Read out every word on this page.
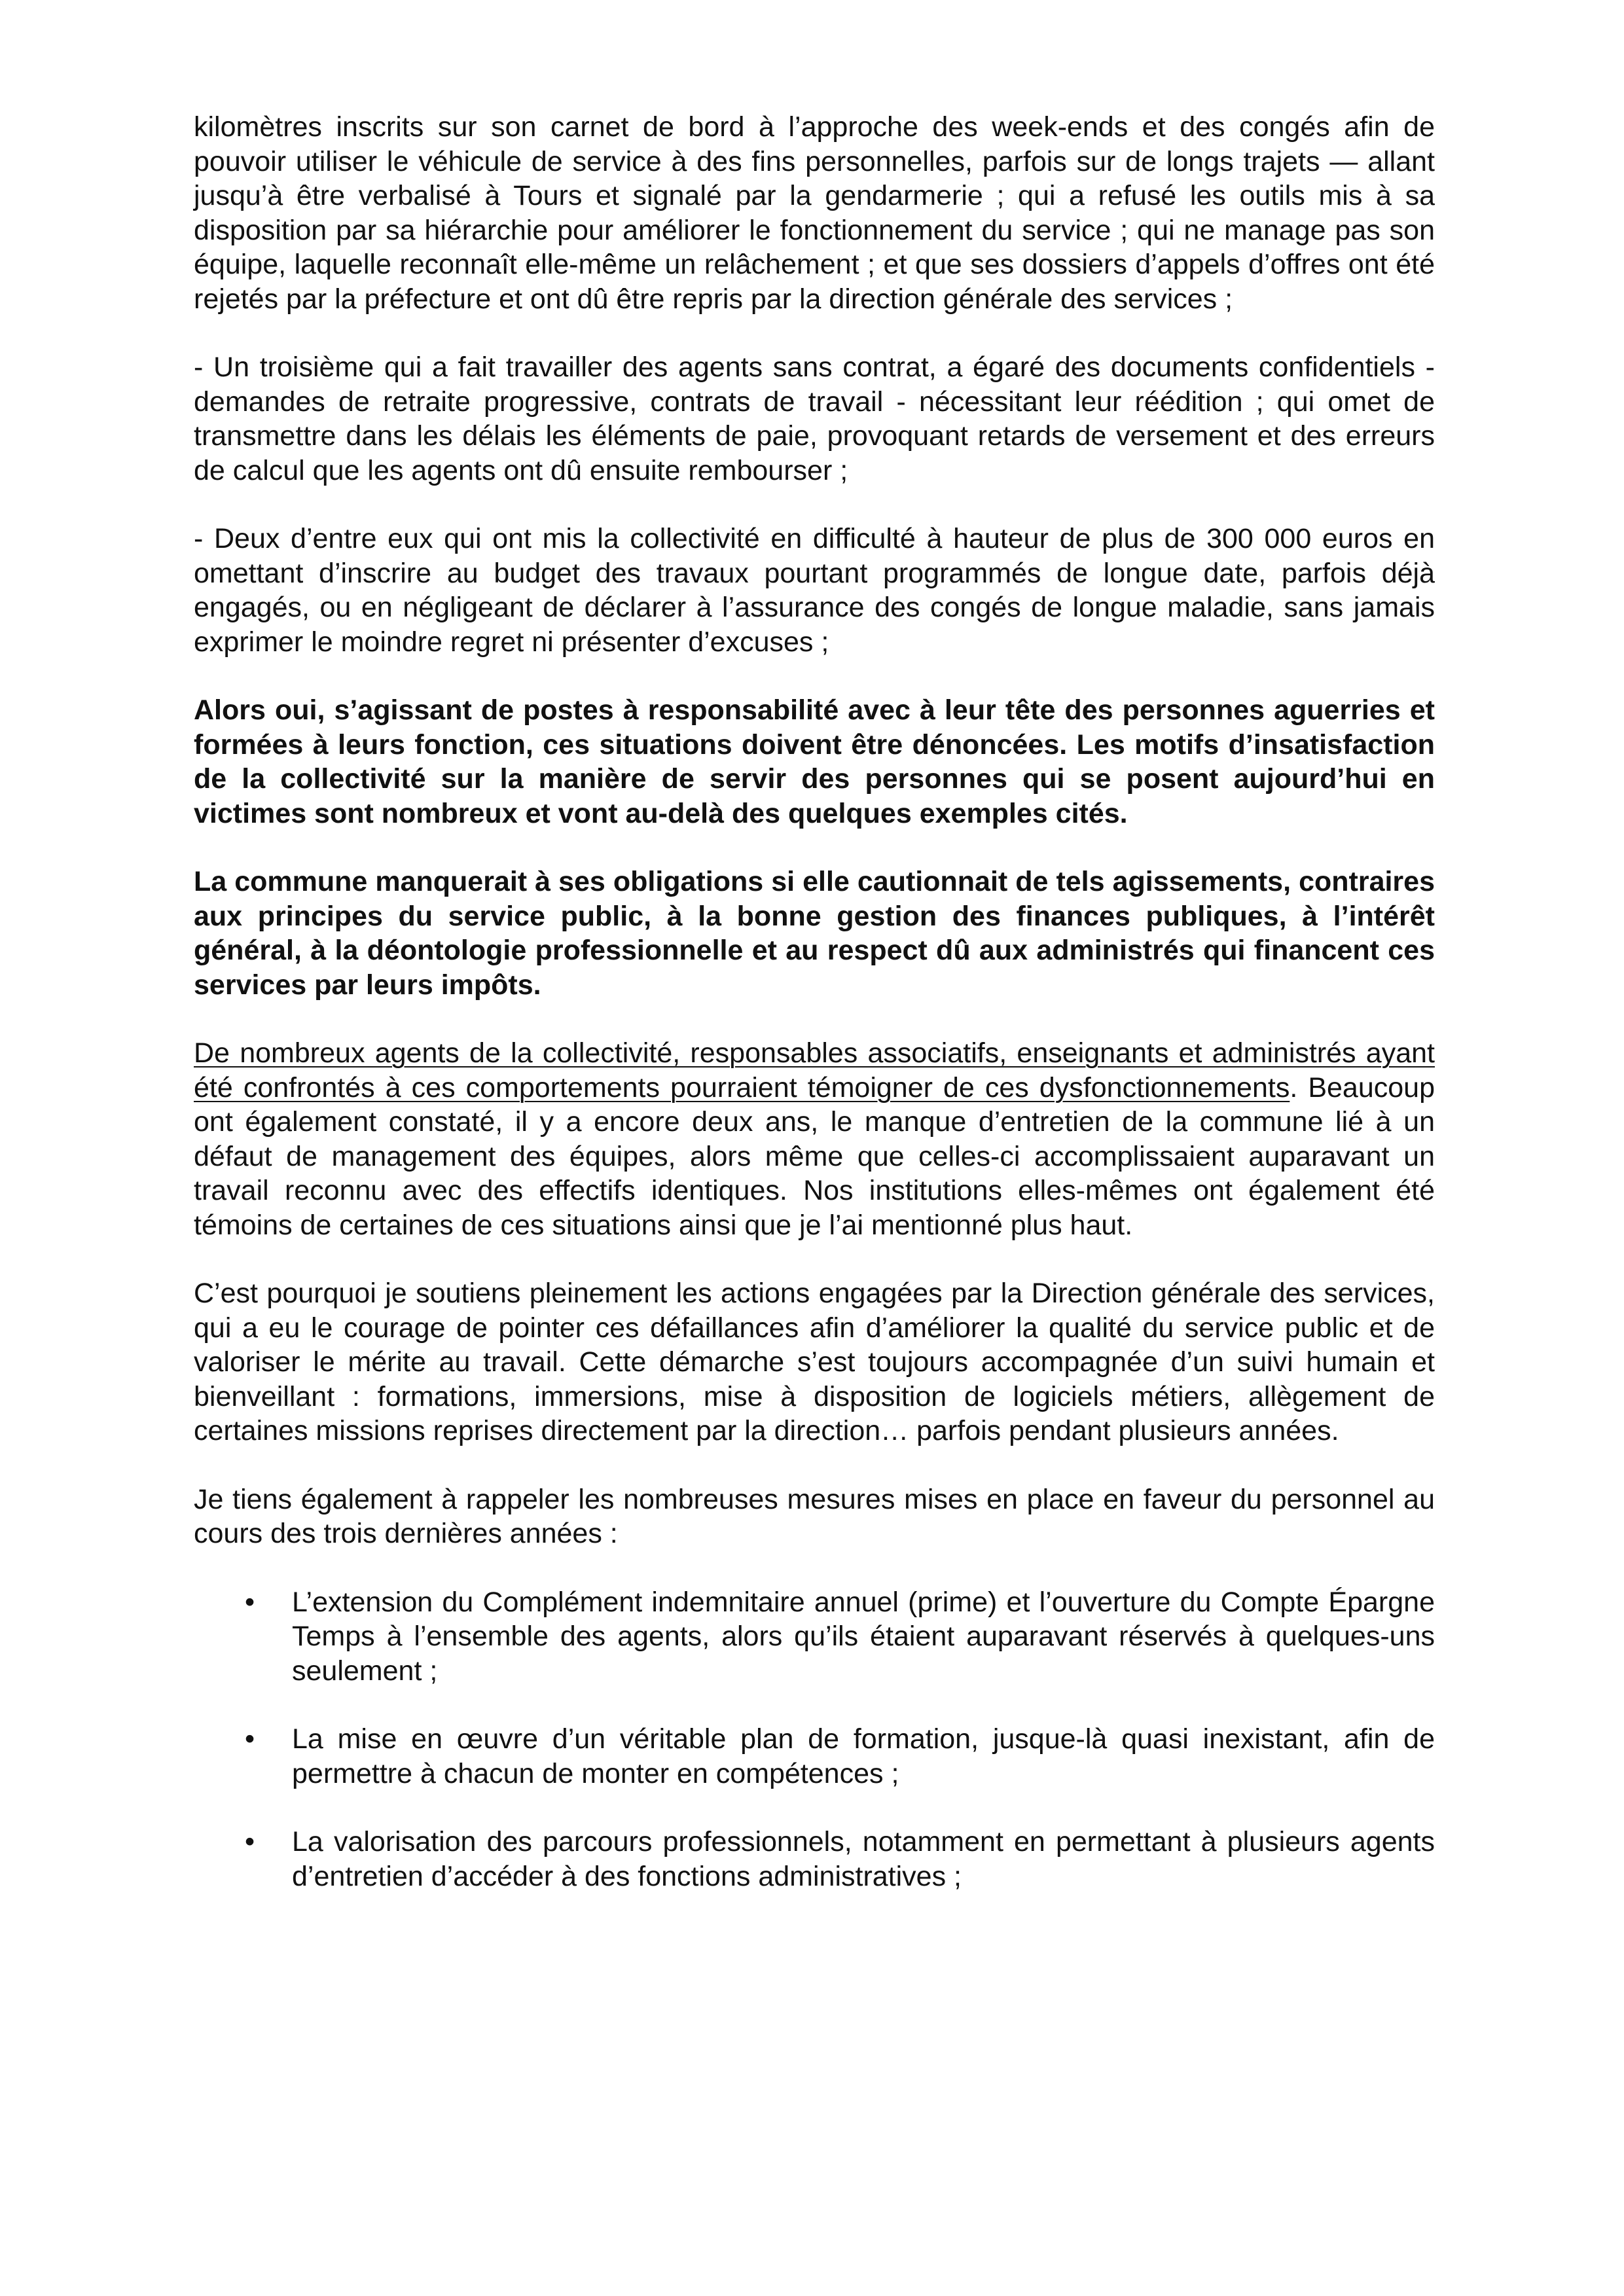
kilomètres inscrits sur son carnet de bord à l’approche des week-ends et des congés afin de pouvoir utiliser le véhicule de service à des fins personnelles, parfois sur de longs trajets — allant jusqu’à être verbalisé à Tours et signalé par la gendarmerie ; qui a refusé les outils mis à sa disposition par sa hiérarchie pour améliorer le fonctionnement du service ; qui ne manage pas son équipe, laquelle reconnaît elle-même un relâchement ; et que ses dossiers d’appels d’offres ont été rejetés par la préfecture et ont dû être repris par la direction générale des services ;

- Un troisième qui a fait travailler des agents sans contrat, a égaré des documents confidentiels - demandes de retraite progressive, contrats de travail - nécessitant leur réédition ; qui omet de transmettre dans les délais les éléments de paie, provoquant retards de versement et des erreurs de calcul que les agents ont dû ensuite rembourser ;

- Deux d’entre eux qui ont mis la collectivité en difficulté à hauteur de plus de 300 000 euros en omettant d’inscrire au budget des travaux pourtant programmés de longue date, parfois déjà engagés, ou en négligeant de déclarer à l’assurance des congés de longue maladie, sans jamais exprimer le moindre regret ni présenter d’excuses ;

Alors oui, s’agissant de postes à responsabilité avec à leur tête des personnes aguerries et formées à leurs fonction, ces situations doivent être dénoncées. Les motifs d’insatisfaction de la collectivité sur la manière de servir des personnes qui se posent aujourd’hui en victimes sont nombreux et vont au-delà des quelques exemples cités.

La commune manquerait à ses obligations si elle cautionnait de tels agissements, contraires aux principes du service public, à la bonne gestion des finances publiques, à l’intérêt général, à la déontologie professionnelle et au respect dû aux administrés qui financent ces services par leurs impôts.

De nombreux agents de la collectivité, responsables associatifs, enseignants et administrés ayant été confrontés à ces comportements pourraient témoigner de ces dysfonctionnements. Beaucoup ont également constaté, il y a encore deux ans, le manque d’entretien de la commune lié à un défaut de management des équipes, alors même que celles-ci accomplissaient auparavant un travail reconnu avec des effectifs identiques. Nos institutions elles-mêmes ont également été témoins de certaines de ces situations ainsi que je l’ai mentionné plus haut.

C’est pourquoi je soutiens pleinement les actions engagées par la Direction générale des services, qui a eu le courage de pointer ces défaillances afin d’améliorer la qualité du service public et de valoriser le mérite au travail. Cette démarche s’est toujours accompagnée d’un suivi humain et bienveillant : formations, immersions, mise à disposition de logiciels métiers, allègement de certaines missions reprises directement par la direction… parfois pendant plusieurs années.

Je tiens également à rappeler les nombreuses mesures mises en place en faveur du personnel au cours des trois dernières années :

• L’extension du Complément indemnitaire annuel (prime) et l’ouverture du Compte Épargne Temps à l’ensemble des agents, alors qu’ils étaient auparavant réservés à quelques-uns seulement ;
• La mise en œuvre d’un véritable plan de formation, jusque-là quasi inexistant, afin de permettre à chacun de monter en compétences ;
• La valorisation des parcours professionnels, notamment en permettant à plusieurs agents d’entretien d’accéder à des fonctions administratives ;
